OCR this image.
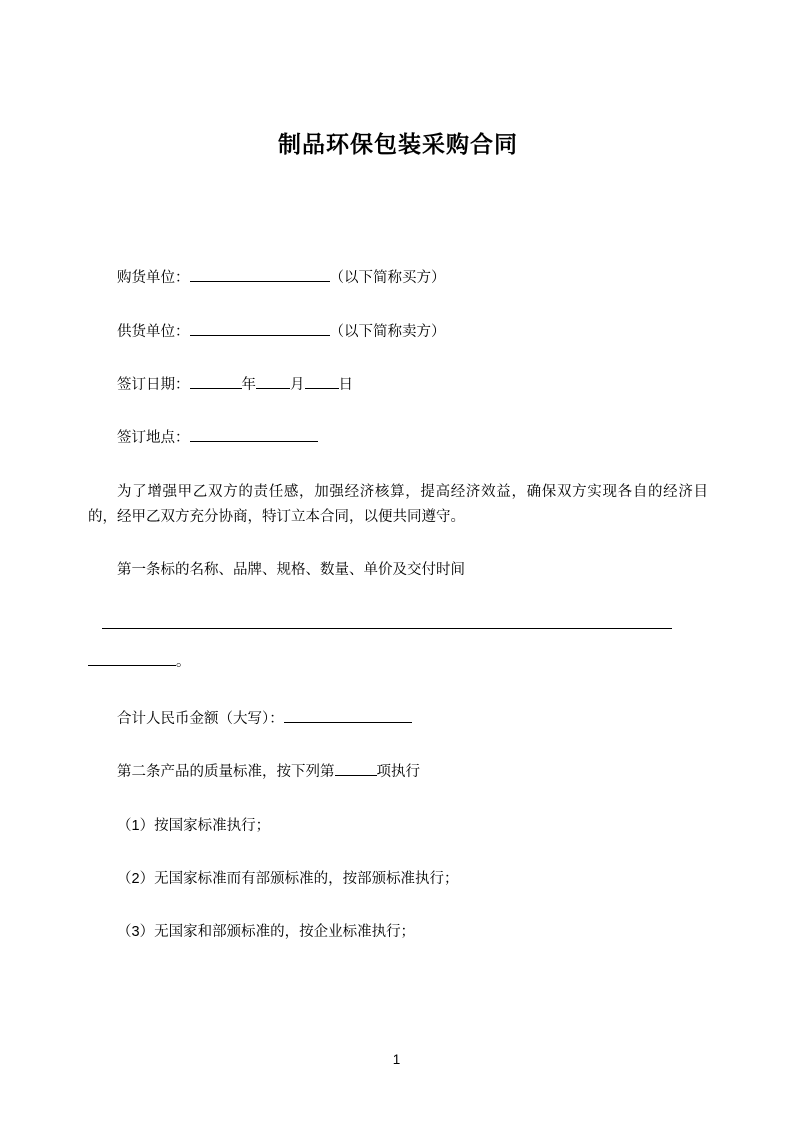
制品环保包装采购合同

购货单位：	（以下简称买方）

供货单位：	（以下简称卖方）

签订日期：	年 月 日

签订地点：

为了增强甲乙双方的责任感，加强经济核算，提高经济效益，确保双方实现各自的经济目的，经甲乙双方充分协商，特订立本合同，以便共同遵守。

第一条标的名称、品牌、规格、数量、单价及交付时间

。

合计人民币金额（大写）：

第二条产品的质量标准，按下列第	项执行

（1）按国家标准执行；

（2）无国家标准而有部颁标准的，按部颁标准执行；

（3）无国家和部颁标准的，按企业标准执行；

1
